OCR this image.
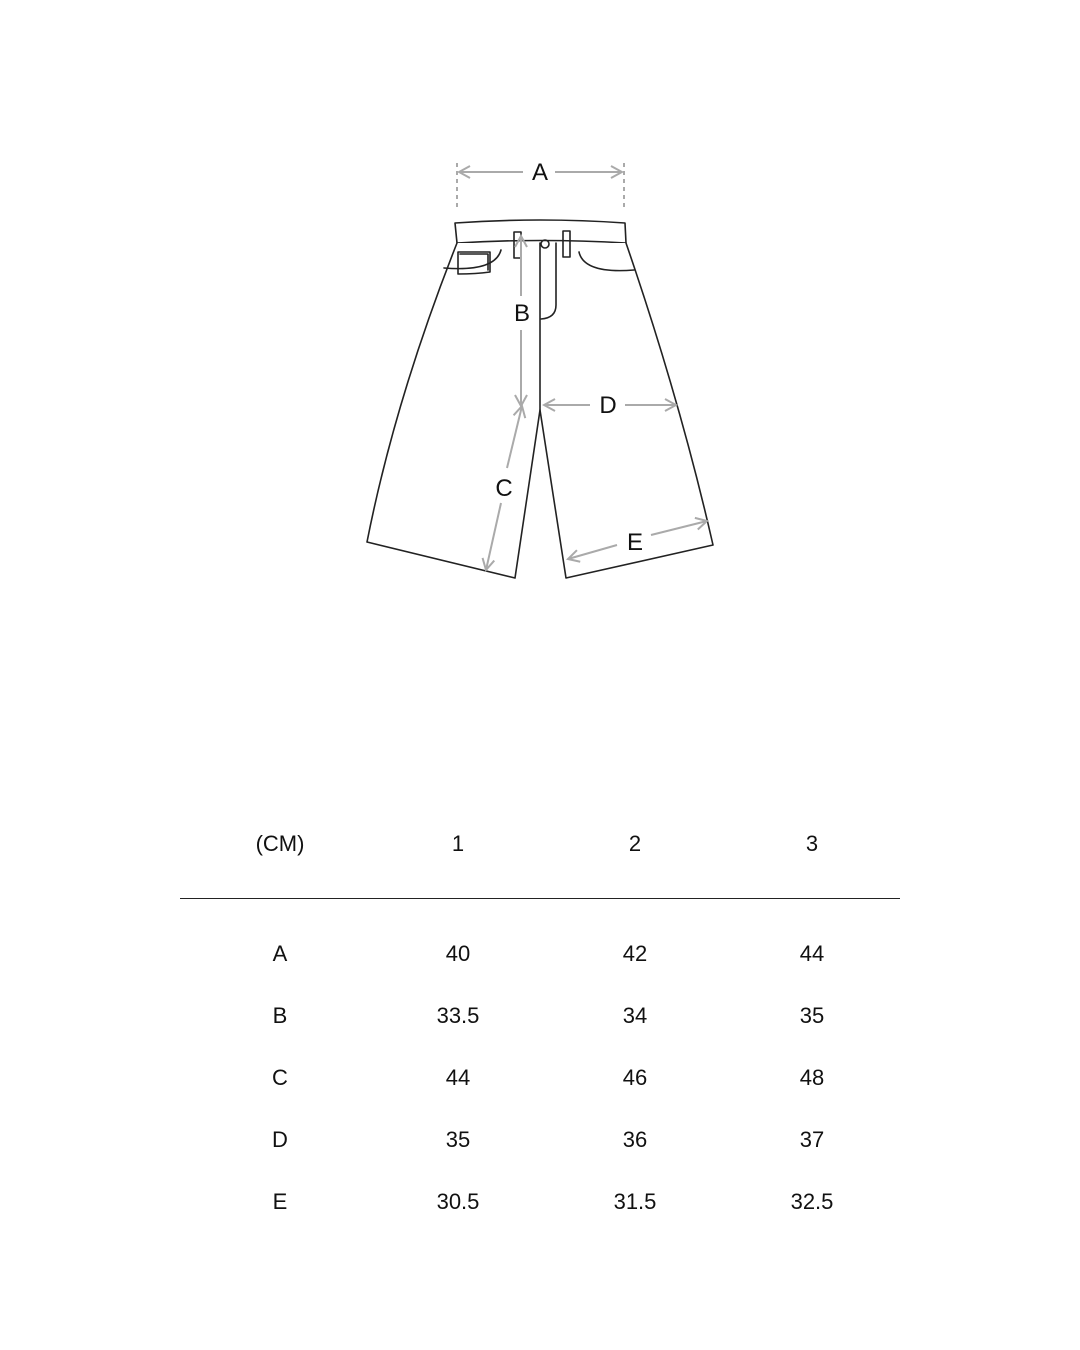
A
B
C
D
E
(CM)	1	2	3
A	40	42	44
B	33.5	34	35
C	44	46	48
D	35	36	37
E	30.5	31.5	32.5
